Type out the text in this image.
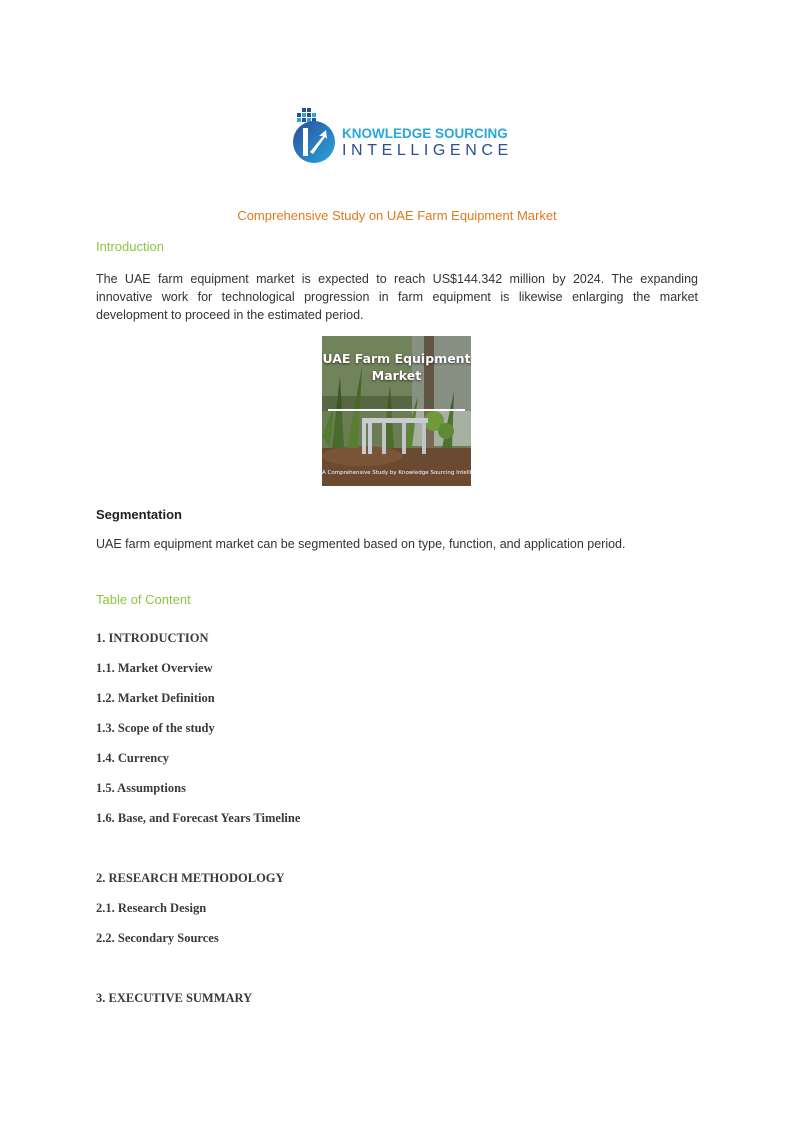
KNOWLEDGE SOURCING
INTELLIGENCE
Comprehensive Study on UAE Farm Equipment Market
Introduction
The UAE farm equipment market is expected to reach US$144.342 million by 2024. The expanding innovative work for technological progression in farm equipment is likewise enlarging the market development to proceed in the estimated period.
UAE Farm Equipment
Market
A Comprehensive Study by Knowledge Sourcing Intelligence
Segmentation
UAE farm equipment market can be segmented based on type, function, and application period.
Table of Content
1. INTRODUCTION
1.1. Market Overview
1.2. Market Definition
1.3. Scope of the study
1.4. Currency
1.5. Assumptions
1.6. Base, and Forecast Years Timeline
2. RESEARCH METHODOLOGY
2.1. Research Design
2.2. Secondary Sources
3. EXECUTIVE SUMMARY
